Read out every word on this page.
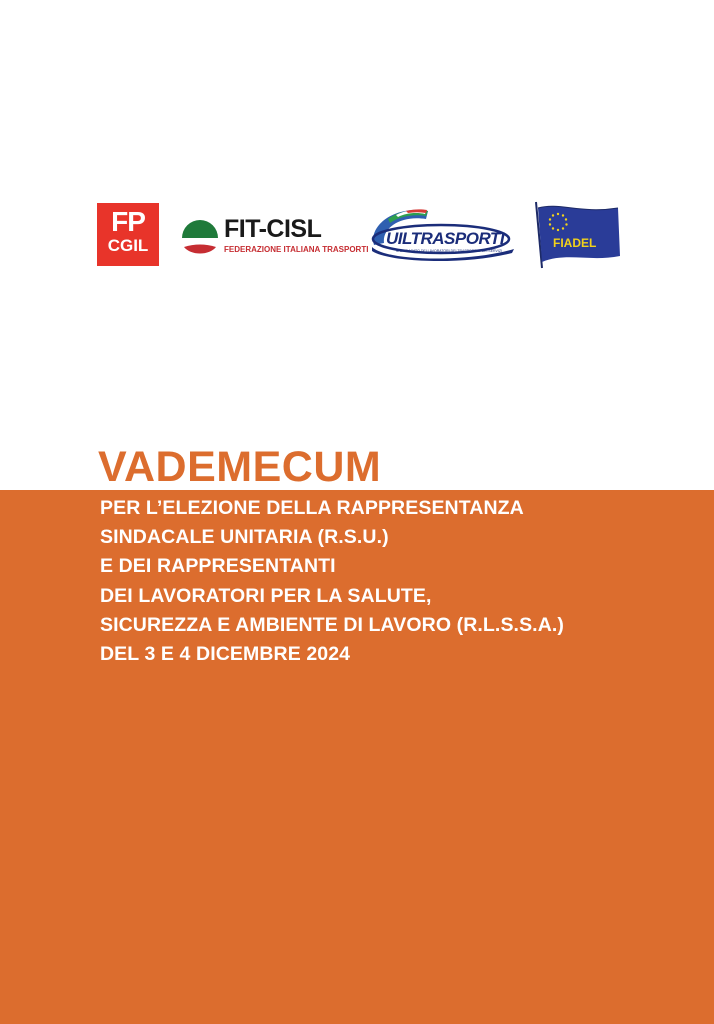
FP
CGIL
FIT-CISL
FEDERAZIONE ITALIANA TRASPORTI
UILTRASPORTI
IL SINDACATO DEI LAVORATORI DEI TRASPORTI E DEI SERVIZI
FIADEL
VADEMECUM
PER L’ELEZIONE DELLA RAPPRESENTANZA
SINDACALE UNITARIA (R.S.U.)
E DEI RAPPRESENTANTI
DEI LAVORATORI PER LA SALUTE,
SICUREZZA E AMBIENTE DI LAVORO (R.L.S.S.A.)
DEL 3 E 4 DICEMBRE 2024
